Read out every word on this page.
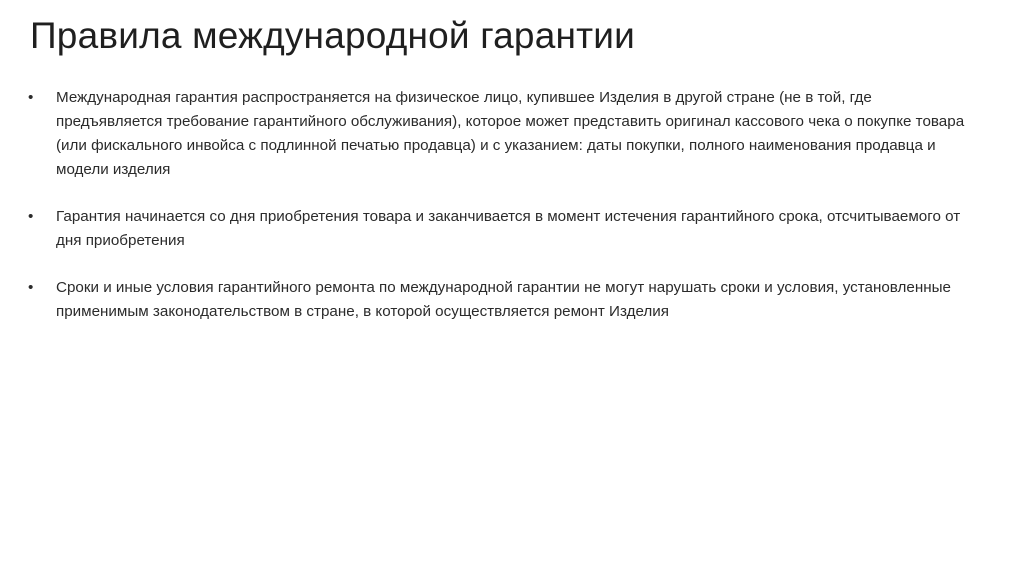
Правила международной гарантии
•	Международная гарантия распространяется на физическое лицо, купившее Изделия в другой стране (не в той, где предъявляется требование гарантийного обслуживания), которое может представить оригинал кассового чека о покупке товара (или фискального инвойса с подлинной печатью продавца) и с указанием: даты покупки, полного наименования продавца и модели изделия
•	Гарантия начинается со дня приобретения товара и заканчивается в момент истечения гарантийного срока, отсчитываемого от дня приобретения
•	Сроки и иные условия гарантийного ремонта по международной гарантии не могут нарушать сроки и условия, установленные применимым законодательством в стране, в которой осуществляется ремонт Изделия
